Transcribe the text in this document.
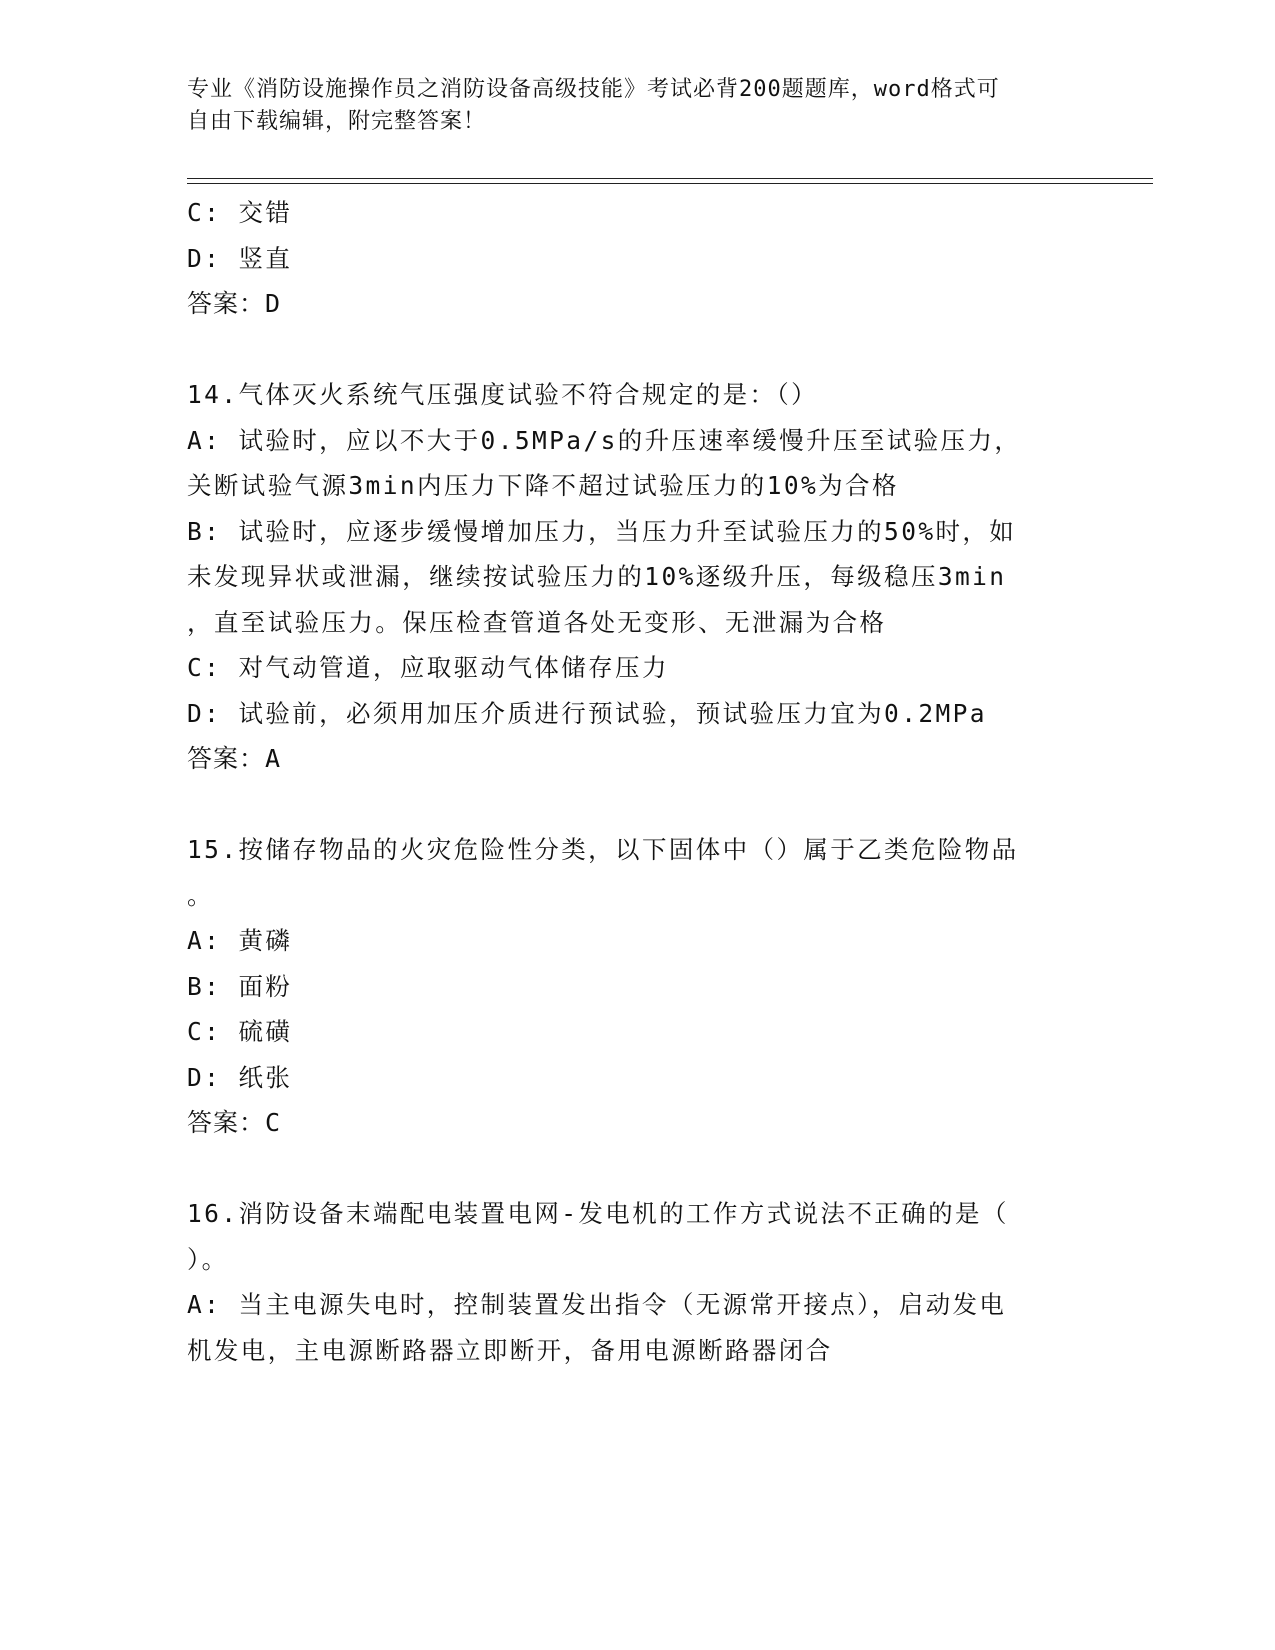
专业《消防设施操作员之消防设备高级技能》考试必背200题题库，word格式可
自由下载编辑，附完整答案！

C: 交错

D: 竖直

答案：D

14.气体灭火系统气压强度试验不符合规定的是：（）

A: 试验时，应以不大于0.5MPa/s的升压速率缓慢升压至试验压力，

关断试验气源3min内压力下降不超过试验压力的10%为合格

B: 试验时，应逐步缓慢增加压力，当压力升至试验压力的50%时，如

未发现异状或泄漏，继续按试验压力的10%逐级升压，每级稳压3min

，直至试验压力。保压检查管道各处无变形、无泄漏为合格

C: 对气动管道，应取驱动气体储存压力

D: 试验前，必须用加压介质进行预试验，预试验压力宜为0.2MPa

答案：A

15.按储存物品的火灾危险性分类，以下固体中（）属于乙类危险物品

。

A: 黄磷

B: 面粉

C: 硫磺

D: 纸张

答案：C

16.消防设备末端配电装置电网-发电机的工作方式说法不正确的是（

）。

A: 当主电源失电时，控制装置发出指令（无源常开接点），启动发电

机发电，主电源断路器立即断开，备用电源断路器闭合
